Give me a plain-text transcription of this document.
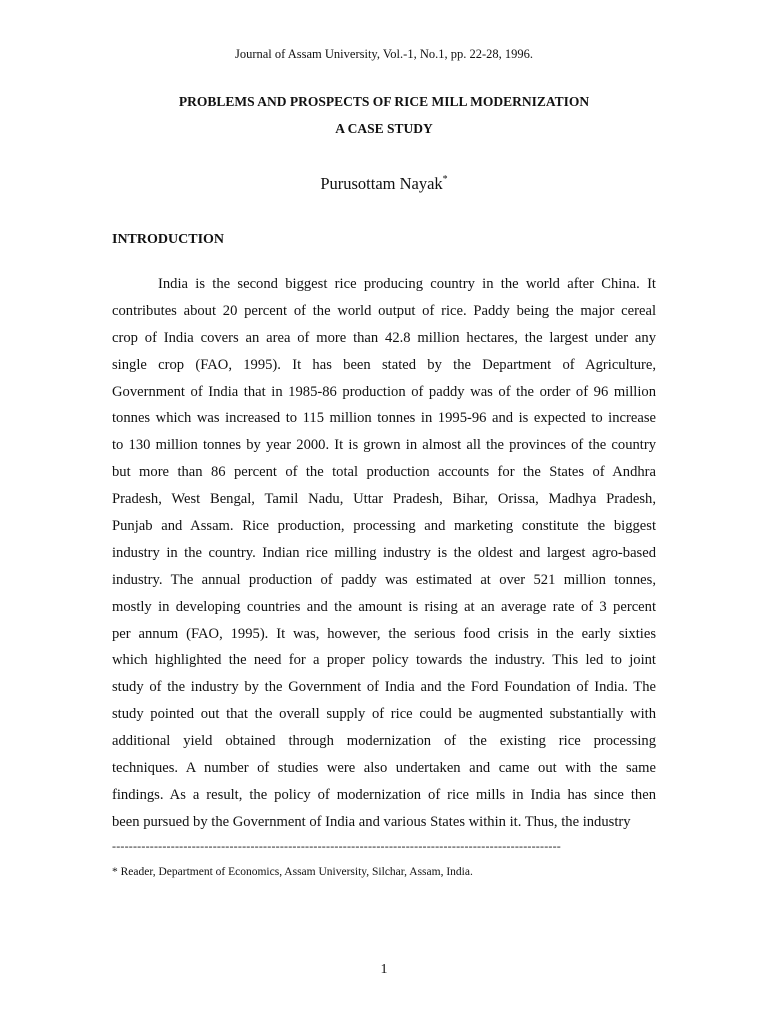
Journal of Assam University, Vol.-1, No.1, pp. 22-28, 1996.
PROBLEMS AND PROSPECTS OF RICE MILL MODERNIZATION
A CASE STUDY
Purusottam Nayak*
INTRODUCTION
India is the second biggest rice producing country in the world after China. It
contributes about 20 percent of the world output of rice. Paddy being the major cereal
crop of India covers an area of more than 42.8 million hectares, the largest under any
single crop (FAO, 1995). It has been stated by the Department of Agriculture,
Government of India that in 1985-86 production of paddy was of the order of 96 million
tonnes which was increased to 115 million tonnes in 1995-96 and is expected to increase
to 130 million tonnes by year 2000. It is grown in almost all the provinces of the country
but more than 86 percent of the total production accounts for the States of Andhra
Pradesh, West Bengal, Tamil Nadu, Uttar Pradesh, Bihar, Orissa, Madhya Pradesh,
Punjab and Assam. Rice production, processing and marketing constitute the biggest
industry in the country. Indian rice milling industry is the oldest and largest agro-based
industry. The annual production of paddy was estimated at over 521 million tonnes,
mostly in developing countries and the amount is rising at an average rate of 3 percent
per annum (FAO, 1995). It was, however, the serious food crisis in the early sixties
which highlighted the need for a proper policy towards the industry. This led to joint
study of the industry by the Government of India and the Ford Foundation of India. The
study pointed out that the overall supply of rice could be augmented substantially with
additional yield obtained through modernization of the existing rice processing
techniques. A number of studies were also undertaken and came out with the same
findings. As a result, the policy of modernization of rice mills in India has since then
been pursued by the Government of India and various States within it. Thus, the industry
-----------------------------------------------------------------------------------------------------------
* Reader, Department of Economics, Assam University, Silchar, Assam, India.
1
